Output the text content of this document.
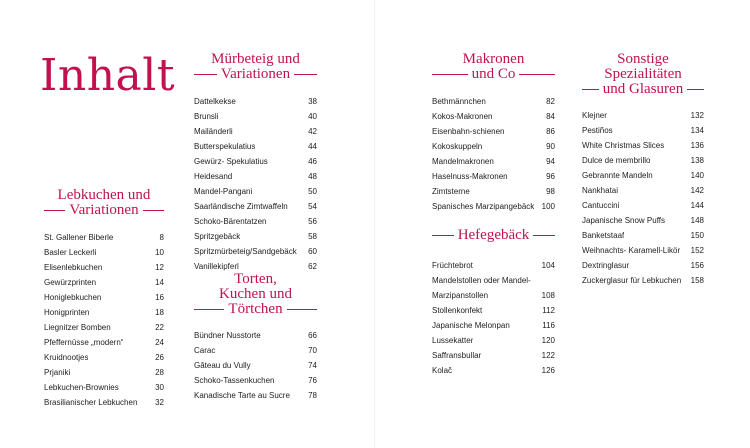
Inhalt
Lebkuchen und
Variationen
St. Gallener Biberle	8
Basler Leckerli	10
Elisenlebkuchen	12
Gewürzprinten	14
Honiglebkuchen	16
Honigprinten	18
Liegnitzer Bomben	22
Pfeffernüsse „modern“	24
Kruidnootjes	26
Prjaniki	28
Lebkuchen-Brownies	30
Brasilianischer Lebkuchen	32
Mürbeteig und
Variationen
Dattelkekse	38
Brunsli	40
Mailänderli	42
Butterspekulatius	44
Gewürz- Spekulatius	46
Heidesand	48
Mandel-Pangani	50
Saarländische Zimtwaffeln	54
Schoko-Bärentatzen	56
Spritzgebäck	58
Spritzmürbeteig/Sandgebäck	60
Vanillekipferl	62
Torten,
Kuchen und
Törtchen
Bündner Nusstorte	66
Carac	70
Gâteau du Vully	74
Schoko-Tassenkuchen	76
Kanadische Tarte au Sucre	78
Makronen
und Co
Bethmännchen	82
Kokos-Makronen	84
Eisenbahn-schienen	86
Kokoskuppeln	90
Mandelmakronen	94
Haselnuss-Makronen	96
Zimtsterne	98
Spanisches Marzipangebäck 100
Hefegebäck
Früchtebrot	104
Mandelstollen oder Mandel-
Marzipanstollen	108
Stollenkonfekt	112
Japanische Melonpan	116
Lussekatter	120
Saffransbullar	122
Kolač	126
Sonstige
Spezialitäten
und Glasuren
Klejner	132
Pestiños	134
White Christmas Slices	136
Dulce de membrillo	138
Gebrannte Mandeln	140
Nankhatai	142
Cantuccini	144
Japanische Snow Puffs	148
Banketstaaf	150
Weihnachts- Karamell-Likör	152
Dextringlasur	156
Zuckerglasur für Lebkuchen	158
